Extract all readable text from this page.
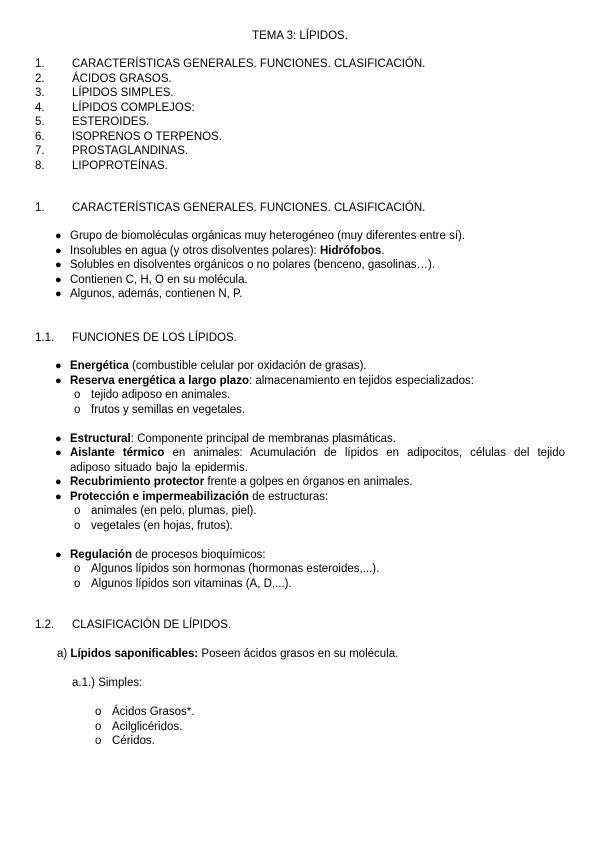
TEMA 3: LÍPIDOS.
1.	CARACTERÍSTICAS GENERALES. FUNCIONES. CLASIFICACIÓN.
2.	ÁCIDOS GRASOS.
3.	LÍPIDOS SIMPLES.
4.	LÍPIDOS COMPLEJOS:
5.	ESTEROIDES.
6.	ISOPRENOS O TERPENOS.
7.	PROSTAGLANDINAS.
8.	LIPOPROTEÍNAS.
1.	CARACTERÍSTICAS GENERALES. FUNCIONES. CLASIFICACIÓN.
● Grupo de biomoléculas orgánicas muy heterogéneo (muy diferentes entre sí).
● Insolubles en agua (y otros disolventes polares): Hidrófobos.
● Solubles en disolventes orgánicos o no polares (benceno, gasolinas…).
● Contienen C, H, O en su molécula.
● Algunos, además, contienen N, P.
1.1.	FUNCIONES DE LOS LÍPIDOS.
● Energética (combustible celular por oxidación de grasas).
● Reserva energética a largo plazo: almacenamiento en tejidos especializados:
o tejido adiposo en animales.
o frutos y semillas en vegetales.
● Estructural: Componente principal de membranas plasmáticas.
● Aislante térmico en animales: Acumulación de lípidos en adipocitos, células del tejido adiposo situado bajo la epidermis.
● Recubrimiento protector frente a golpes en órganos en animales.
● Protección e impermeabilización de estructuras:
o animales (en pelo, plumas, piel).
o vegetales (en hojas, frutos).
● Regulación de procesos bioquímicos:
o Algunos lípidos son hormonas (hormonas esteroides,...).
o Algunos lípidos son vitaminas (A, D,...).
1.2.	CLASIFICACIÓN DE LÍPIDOS.
a) Lípidos saponificables: Poseen ácidos grasos en su molécula.
a.1.) Simples:
o Ácidos Grasos*.
o Acilglicéridos.
o Céridos.
